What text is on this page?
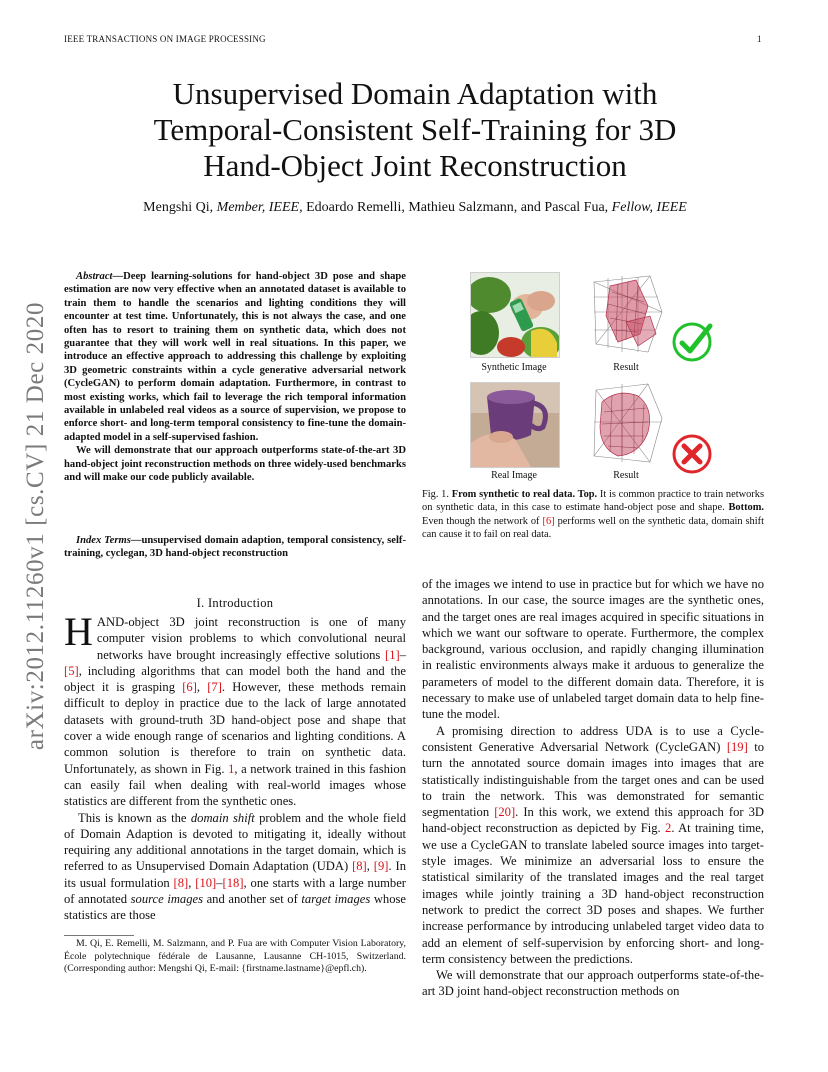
IEEE TRANSACTIONS ON IMAGE PROCESSING	1
Unsupervised Domain Adaptation with
Temporal-Consistent Self-Training for 3D
Hand-Object Joint Reconstruction
Mengshi Qi, Member, IEEE, Edoardo Remelli, Mathieu Salzmann, and Pascal Fua, Fellow, IEEE
arXiv:2012.11260v1 [cs.CV] 21 Dec 2020

Abstract—Deep learning-solutions for hand-object 3D pose and shape estimation are now very effective when an annotated dataset is available to train them to handle the scenarios and lighting conditions they will encounter at test time. Unfortunately, this is not always the case, and one often has to resort to training them on synthetic data, which does not guarantee that they will work well in real situations. In this paper, we introduce an effective approach to addressing this challenge by exploiting 3D geometric constraints within a cycle generative adversarial network (CycleGAN) to perform domain adaptation. Furthermore, in contrast to most existing works, which fail to leverage the rich temporal information available in unlabeled real videos as a source of supervision, we propose to enforce short- and long-term temporal consistency to fine-tune the domain-adapted model in a self-supervised fashion.

We will demonstrate that our approach outperforms state-of-the-art 3D hand-object joint reconstruction methods on three widely-used benchmarks and will make our code publicly available.

Index Terms—unsupervised domain adaption, temporal consistency, self-training, cyclegan, 3D hand-object reconstruction
I. Introduction

HAND-object 3D joint reconstruction is one of many computer vision problems to which convolutional neural networks have brought increasingly effective solutions [1]–[5], including algorithms that can model both the hand and the object it is grasping [6], [7]. However, these methods remain difficult to deploy in practice due to the lack of large annotated datasets with ground-truth 3D hand-object pose and shape that cover a wide enough range of scenarios and lighting conditions. A common solution is therefore to train on synthetic data. Unfortunately, as shown in Fig. 1, a network trained in this fashion can easily fail when dealing with real-world images whose statistics are different from the synthetic ones.

This is known as the domain shift problem and the whole field of Domain Adaption is devoted to mitigating it, ideally without requiring any additional annotations in the target domain, which is referred to as Unsupervised Domain Adaptation (UDA) [8], [9]. In its usual formulation [8], [10]–[18], one starts with a large number of annotated source images and another set of target images whose statistics are those

M. Qi, E. Remelli, M. Salzmann, and P. Fua are with Computer Vision Laboratory, École polytechnique fédérale de Lausanne, Lausanne CH-1015, Switzerland. (Corresponding author: Mengshi Qi, E-mail: {firstname.lastname}@epfl.ch).
Synthetic Image	Result
Real Image	Result
Fig. 1. From synthetic to real data. Top. It is common practice to train networks on synthetic data, in this case to estimate hand-object pose and shape. Bottom. Even though the network of [6] performs well on the synthetic data, domain shift can cause it to fail on real data.

of the images we intend to use in practice but for which we have no annotations. In our case, the source images are the synthetic ones, and the target ones are real images acquired in specific situations in which we want our software to operate. Furthermore, the complex background, various occlusion, and rapidly changing illumination in realistic environments always make it arduous to generalize the parameters of model to the different domain data. Therefore, it is necessary to make use of unlabeled target domain data to help fine-tune the model.

A promising direction to address UDA is to use a Cycle-consistent Generative Adversarial Network (CycleGAN) [19] to turn the annotated source domain images into images that are statistically indistinguishable from the target ones and can be used to train the network. This was demonstrated for semantic segmentation [20]. In this work, we extend this approach for 3D hand-object reconstruction as depicted by Fig. 2. At training time, we use a CycleGAN to translate labeled source images into target-style images. We minimize an adversarial loss to ensure the statistical similarity of the translated images and the real target images while jointly training a 3D hand-object reconstruction network to predict the correct 3D poses and shapes. We further increase performance by introducing unlabeled target video data to add an element of self-supervision by enforcing short- and long-term consistency between the predictions.

We will demonstrate that our approach outperforms state-of-the-art 3D joint hand-object reconstruction methods on
